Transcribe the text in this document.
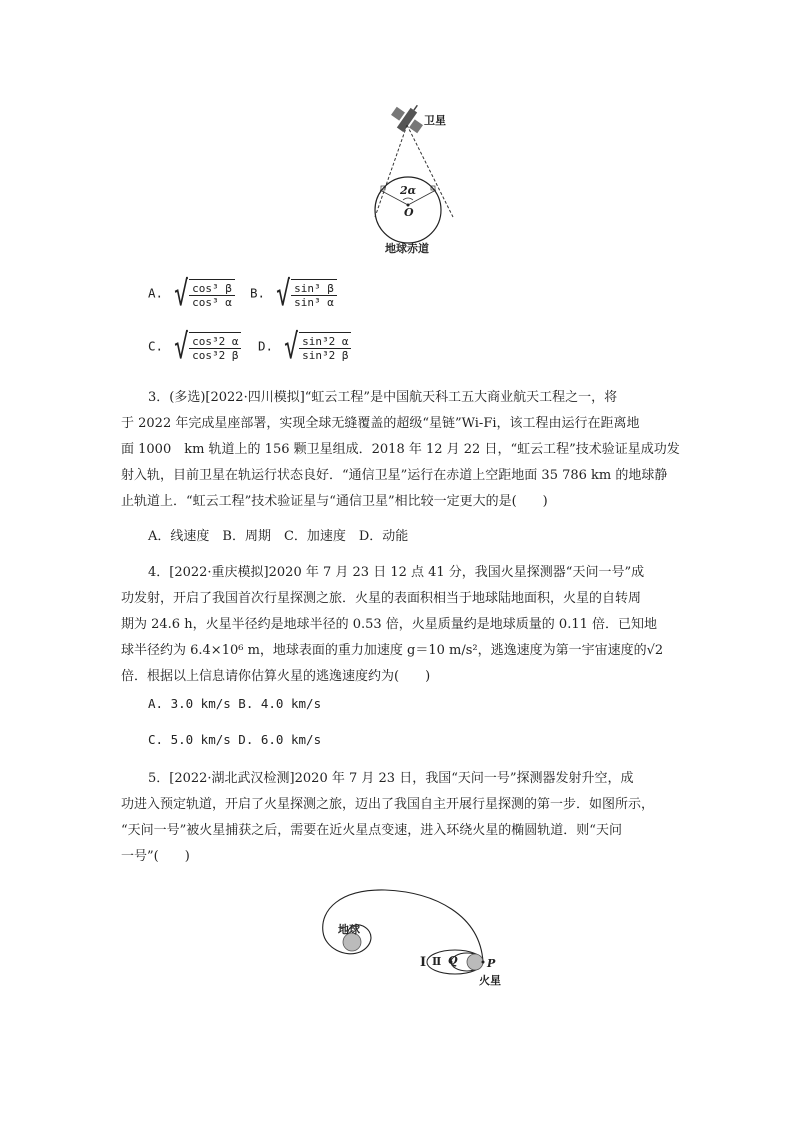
卫星
2α
O
地球赤道
A. √ $\frac{\text{cos³ β}}{\text{cos³ α}} B$. √ $\frac{\text{sin³ β}}{\text{sin³ α}}$
C. √ $\frac{\text{cos³2 α}}{\text{cos³2 β}} D$. √ $\frac{\text{sin³2 α}}{\text{sin³2 β}}$
3．(多选)[2022·四川模拟]“虹云工程”是中国航天科工五大商业航天工程之一，将
于 2022 年完成星座部署，实现全球无缝覆盖的超级“星链”Wi-Fi，该工程由运行在距离地
面 1000　km 轨道上的 156 颗卫星组成．2018 年 12 月 22 日，“虹云工程”技术验证星成功发
射入轨，目前卫星在轨运行状态良好．“通信卫星”运行在赤道上空距地面 35 786 km 的地球静
止轨道上．“虹云工程”技术验证星与“通信卫星”相比较一定更大的是(　　)
A．线速度　B．周期　C．加速度　D．动能
4．[2022·重庆模拟]2020 年 7 月 23 日 12 点 41 分，我国火星探测器“天问一号”成
功发射，开启了我国首次行星探测之旅．火星的表面积相当于地球陆地面积，火星的自转周
期为 24.6 h，火星半径约是地球半径的 0.53 倍，火星质量约是地球质量的 0.11 倍．已知地
球半径约为 6.4×10⁶ m，地球表面的重力加速度 g＝10 m/s²，逃逸速度为第一宇宙速度的√2
倍．根据以上信息请你估算火星的逃逸速度约为(　　)
A. 3.0 km/s B. 4.0 km/s
C. 5.0 km/s D. 6.0 km/s
5．[2022·湖北武汉检测]2020 年 7 月 23 日，我国“天问一号”探测器发射升空，成
功进入预定轨道，开启了火星探测之旅，迈出了我国自主开展行星探测的第一步．如图所示，
“天问一号”被火星捕获之后，需要在近火星点变速，进入环绕火星的椭圆轨道．则“天问
一号”(　　)
地球
Ⅰ Ⅱ Q	P
火星
